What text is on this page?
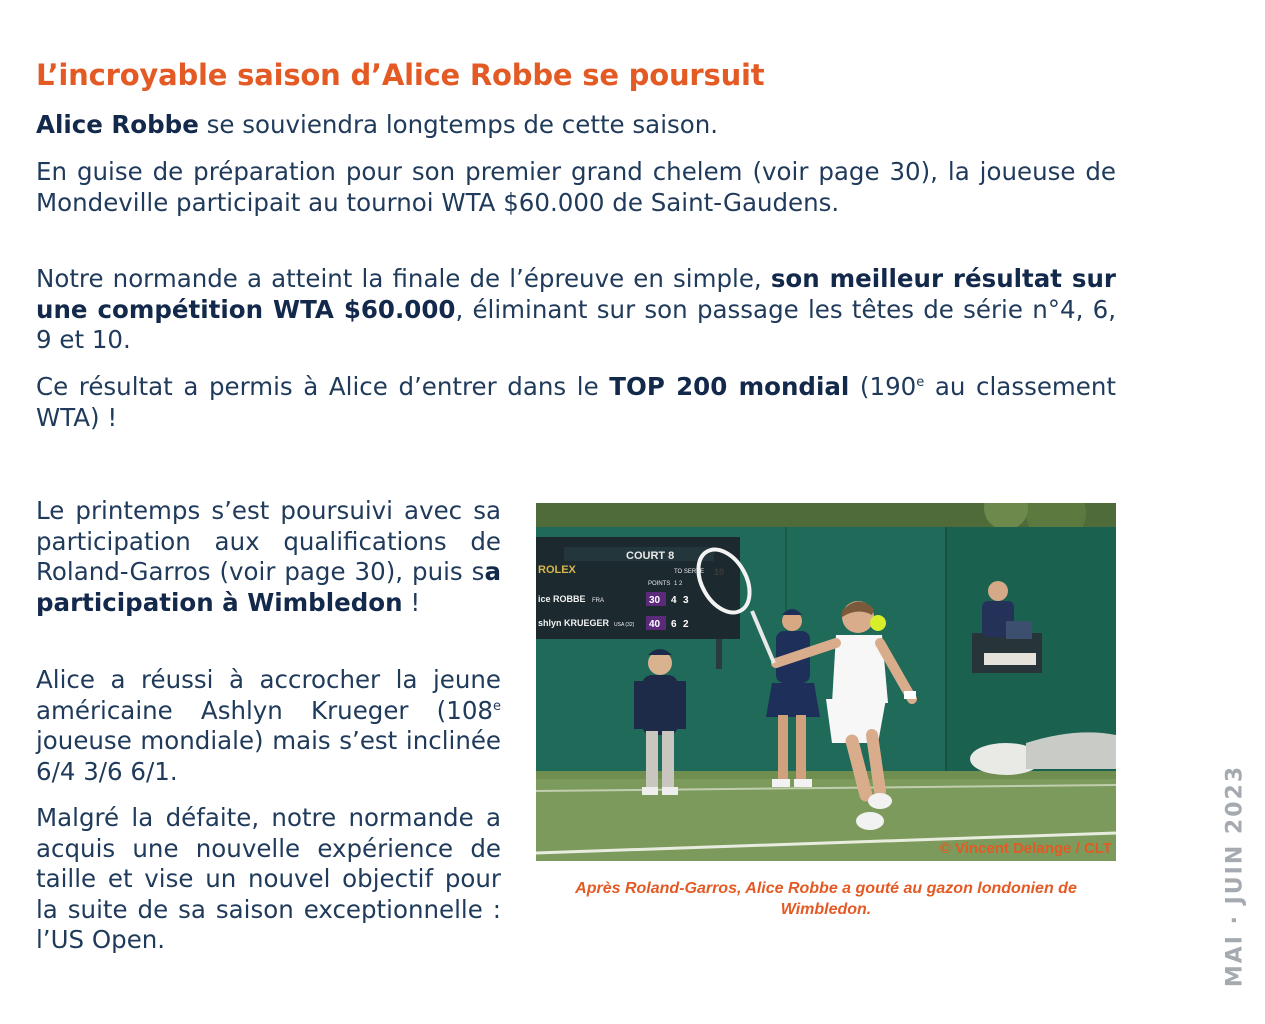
L’incroyable saison d’Alice Robbe se poursuit

Alice Robbe se souviendra longtemps de cette saison.

En guise de préparation pour son premier grand chelem (voir page 30), la joueuse de Mondeville participait au tournoi WTA $60.000 de Saint-Gaudens.

Notre normande a atteint la finale de l’épreuve en simple, son meilleur résultat sur une compétition WTA $60.000, éliminant sur son passage les têtes de série n°4, 6, 9 et 10.

Ce résultat a permis à Alice d’entrer dans le TOP 200 mondial (190e au classement WTA) !

Le printemps s’est poursuivi avec sa participation aux qualifications de Roland-Garros (voir page 30), puis sa participation à Wimbledon !

Alice a réussi à accrocher la jeune américaine Ashlyn Krueger (108e joueuse mondiale) mais s’est inclinée 6/4 3/6 6/1.

Malgré la défaite, notre normande a acquis une nouvelle expérience de taille et vise un nouvel objectif pour la suite de sa saison exceptionnelle : l’US Open.

COURT 8
ROLEX
POINTS 1 2
TO SERVE
ice ROBBE FRA	30 4 3
shlyn KRUEGER USA (32) 40 6 2
10
© Vincent Delange / CLT
Après Roland-Garros, Alice Robbe a gouté au gazon londonien de Wimbledon.	MAI · JUIN 2023
